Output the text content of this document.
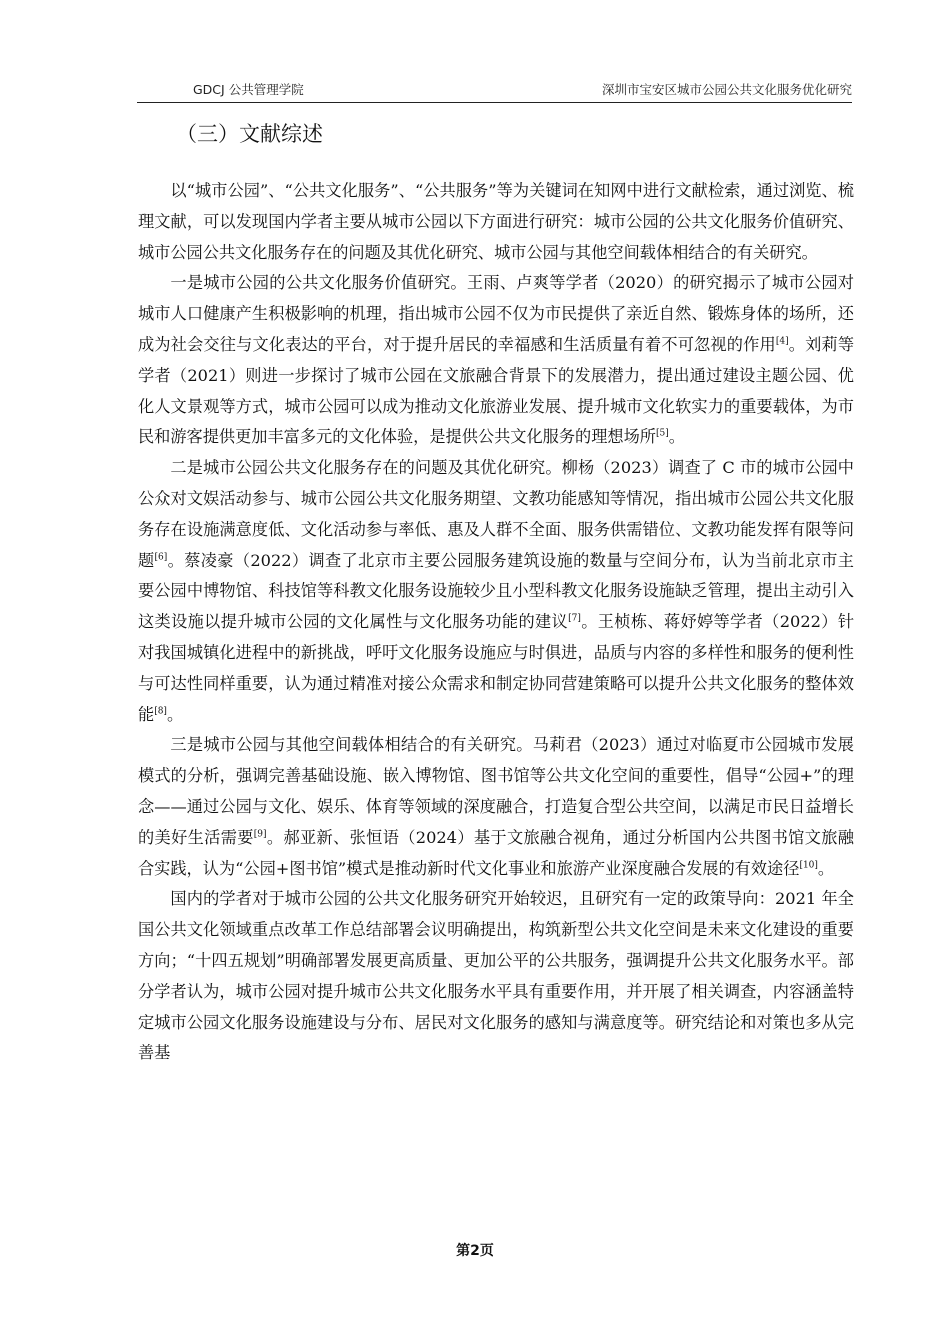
GDCJ 公共管理学院	深圳市宝安区城市公园公共文化服务优化研究
（三）文献综述

以“城市公园”、“公共文化服务”、“公共服务”等为关键词在知网中进行文献检索，通过浏览、梳理文献，可以发现国内学者主要从城市公园以下方面进行研究：城市公园的公共文化服务价值研究、城市公园公共文化服务存在的问题及其优化研究、城市公园与其他空间载体相结合的有关研究。

一是城市公园的公共文化服务价值研究。王雨、卢爽等学者（2020）的研究揭示了城市公园对城市人口健康产生积极影响的机理，指出城市公园不仅为市民提供了亲近自然、锻炼身体的场所，还成为社会交往与文化表达的平台，对于提升居民的幸福感和生活质量有着不可忽视的作用[4]。刘莉等学者（2021）则进一步探讨了城市公园在文旅融合背景下的发展潜力，提出通过建设主题公园、优化人文景观等方式，城市公园可以成为推动文化旅游业发展、提升城市文化软实力的重要载体，为市民和游客提供更加丰富多元的文化体验，是提供公共文化服务的理想场所[5]。

二是城市公园公共文化服务存在的问题及其优化研究。柳杨（2023）调查了 C 市的城市公园中公众对文娱活动参与、城市公园公共文化服务期望、文教功能感知等情况，指出城市公园公共文化服务存在设施满意度低、文化活动参与率低、惠及人群不全面、服务供需错位、文教功能发挥有限等问题[6]。蔡凌豪（2022）调查了北京市主要公园服务建筑设施的数量与空间分布，认为当前北京市主要公园中博物馆、科技馆等科教文化服务设施较少且小型科教文化服务设施缺乏管理，提出主动引入这类设施以提升城市公园的文化属性与文化服务功能的建议[7]。王桢栋、蒋妤婷等学者（2022）针对我国城镇化进程中的新挑战，呼吁文化服务设施应与时俱进，品质与内容的多样性和服务的便利性与可达性同样重要，认为通过精准对接公众需求和制定协同营建策略可以提升公共文化服务的整体效能[8]。

三是城市公园与其他空间载体相结合的有关研究。马莉君（2023）通过对临夏市公园城市发展模式的分析，强调完善基础设施、嵌入博物馆、图书馆等公共文化空间的重要性，倡导“公园+”的理念——通过公园与文化、娱乐、体育等领域的深度融合，打造复合型公共空间，以满足市民日益增长的美好生活需要[9]。郝亚新、张恒语（2024）基于文旅融合视角，通过分析国内公共图书馆文旅融合实践，认为“公园+图书馆”模式是推动新时代文化事业和旅游产业深度融合发展的有效途径[10]。

国内的学者对于城市公园的公共文化服务研究开始较迟，且研究有一定的政策导向：2021 年全国公共文化领域重点改革工作总结部署会议明确提出，构筑新型公共文化空间是未来文化建设的重要方向；“十四五规划”明确部署发展更高质量、更加公平的公共服务，强调提升公共文化服务水平。部分学者认为，城市公园对提升城市公共文化服务水平具有重要作用，并开展了相关调查，内容涵盖特定城市公园文化服务设施建设与分布、居民对文化服务的感知与满意度等。研究结论和对策也多从完善基

第2页
